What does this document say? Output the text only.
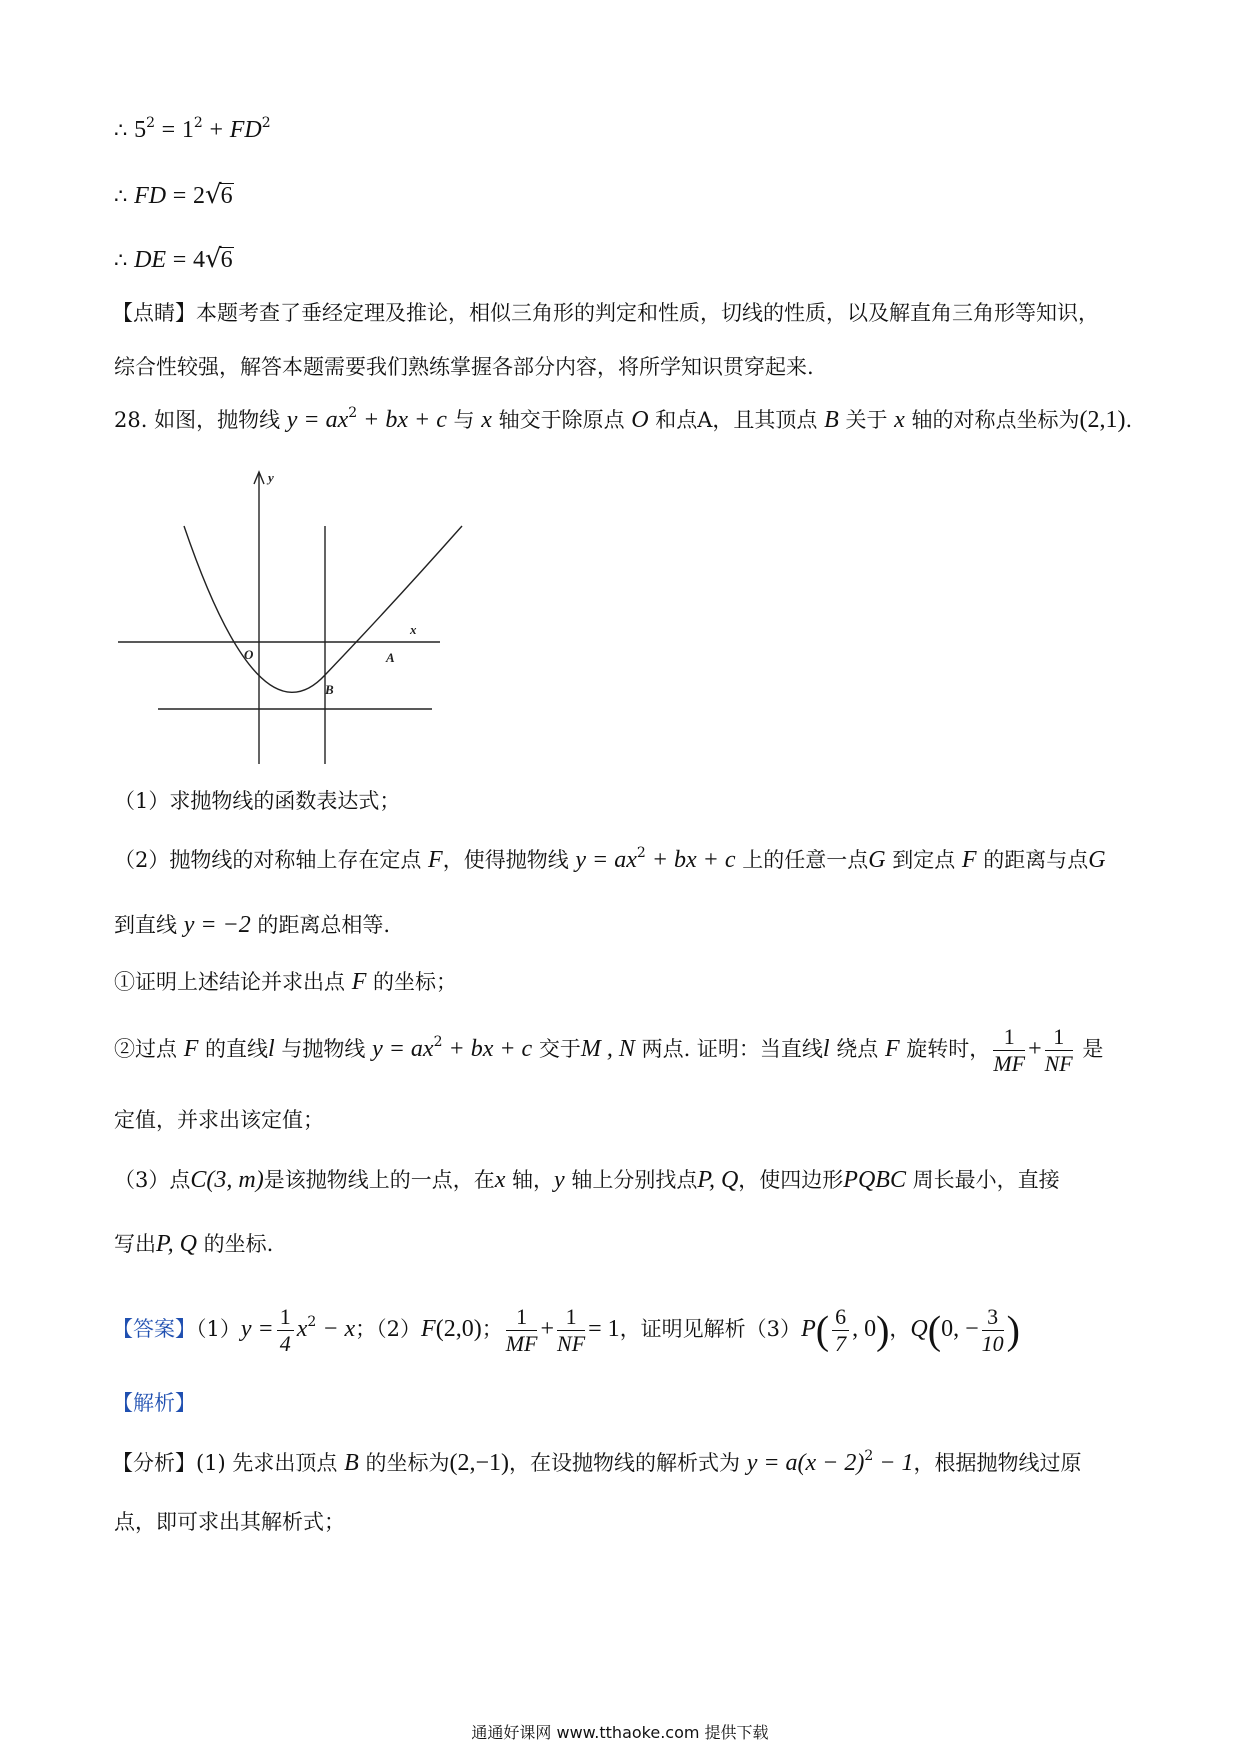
∴ $5^2 = 1^2 + FD^2$
∴ FD = 2√6
∴ DE = 4√6
【点睛】本题考查了垂经定理及推论，相似三角形的判定和性质，切线的性质，以及解直角三角形等知识，
综合性较强，解答本题需要我们熟练掌握各部分内容，将所学知识贯穿起来.
28. 如图，抛物线 $y = ax^2$ + bx + c 与 x 轴交于除原点 O 和点A，且其顶点 B 关于 x 轴的对称点坐标为(2,1).
y
x
O	A
B
（1）求抛物线的函数表达式；
（2）抛物线的对称轴上存在定点 F，使得抛物线 $y = ax^2$ + bx + c 上的任意一点G 到定点 F 的距离与点G
到直线 y = −2 的距离总相等.
①证明上述结论并求出点 F 的坐标；
②过点 F 的直线l 与抛物线 $y = ax^2$ + bx + c 交于M , N 两点. 证明：当直线l 绕点 F 旋转时， $\frac{1}{MF} + \frac{1}{NF}$ 是
定值，并求出该定值；
（3）点C(3, m)是该抛物线上的一点，在x 轴，y 轴上分别找点P, Q，使四边形PQBC 周长最小，直接
写出P, Q 的坐标.
【答案】$(1)y = \frac{1}{4} x^2 - x$；（2）F(2,0)； $\frac{1}{MF} + \frac{1}{NF} = 1$，证明见解析$(3)P( \frac{6}{7}$ , 0)，Q(0, − $\frac{3}{10}$ )
【解析】
【分析】(1) 先求出顶点 B 的坐标为(2,−1)，在设抛物线的解析式为 $y = a(x - 2)^2 - 1$，根据抛物线过原
点，即可求出其解析式；
通通好课网 www.tthaoke.com 提供下载
